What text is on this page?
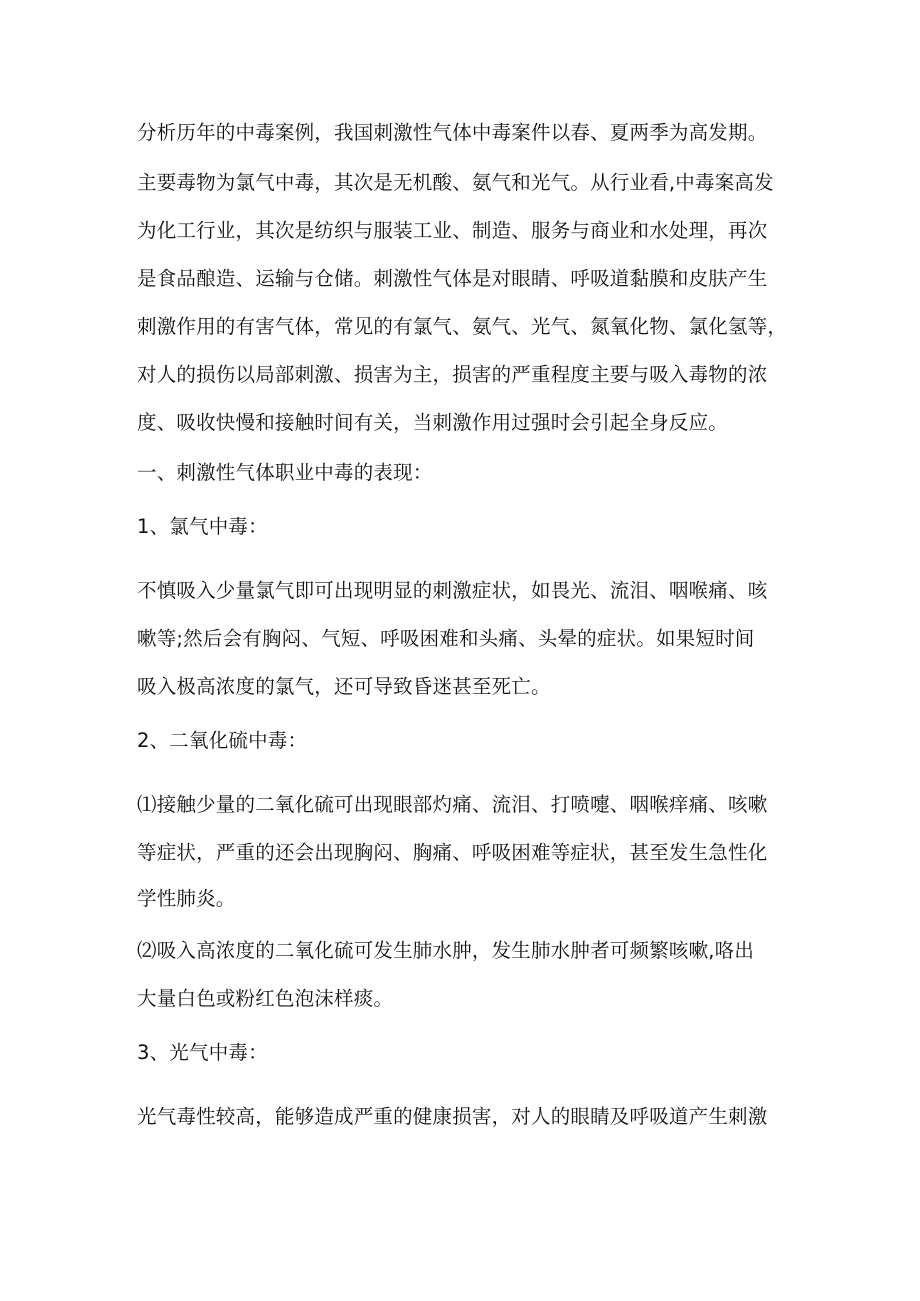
分析历年的中毒案例，我国刺激性气体中毒案件以春、夏两季为高发期。
主要毒物为氯气中毒，其次是无机酸、氨气和光气。从行业看,中毒案高发
为化工行业，其次是纺织与服装工业、制造、服务与商业和水处理，再次
是食品酿造、运输与仓储。刺激性气体是对眼睛、呼吸道黏膜和皮肤产生
刺激作用的有害气体，常见的有氯气、氨气、光气、氮氧化物、氯化氢等，
对人的损伤以局部刺激、损害为主，损害的严重程度主要与吸入毒物的浓
度、吸收快慢和接触时间有关，当刺激作用过强时会引起全身反应。
一、刺激性气体职业中毒的表现：
1、氯气中毒：
不慎吸入少量氯气即可出现明显的刺激症状，如畏光、流泪、咽喉痛、咳
嗽等;然后会有胸闷、气短、呼吸困难和头痛、头晕的症状。如果短时间
吸入极高浓度的氯气，还可导致昏迷甚至死亡。
2、二氧化硫中毒：
⑴接触少量的二氧化硫可出现眼部灼痛、流泪、打喷嚏、咽喉痒痛、咳嗽
等症状，严重的还会出现胸闷、胸痛、呼吸困难等症状，甚至发生急性化
学性肺炎。
⑵吸入高浓度的二氧化硫可发生肺水肿，发生肺水肿者可频繁咳嗽,咯出
大量白色或粉红色泡沫样痰。
3、光气中毒：
光气毒性较高，能够造成严重的健康损害，对人的眼睛及呼吸道产生刺激
